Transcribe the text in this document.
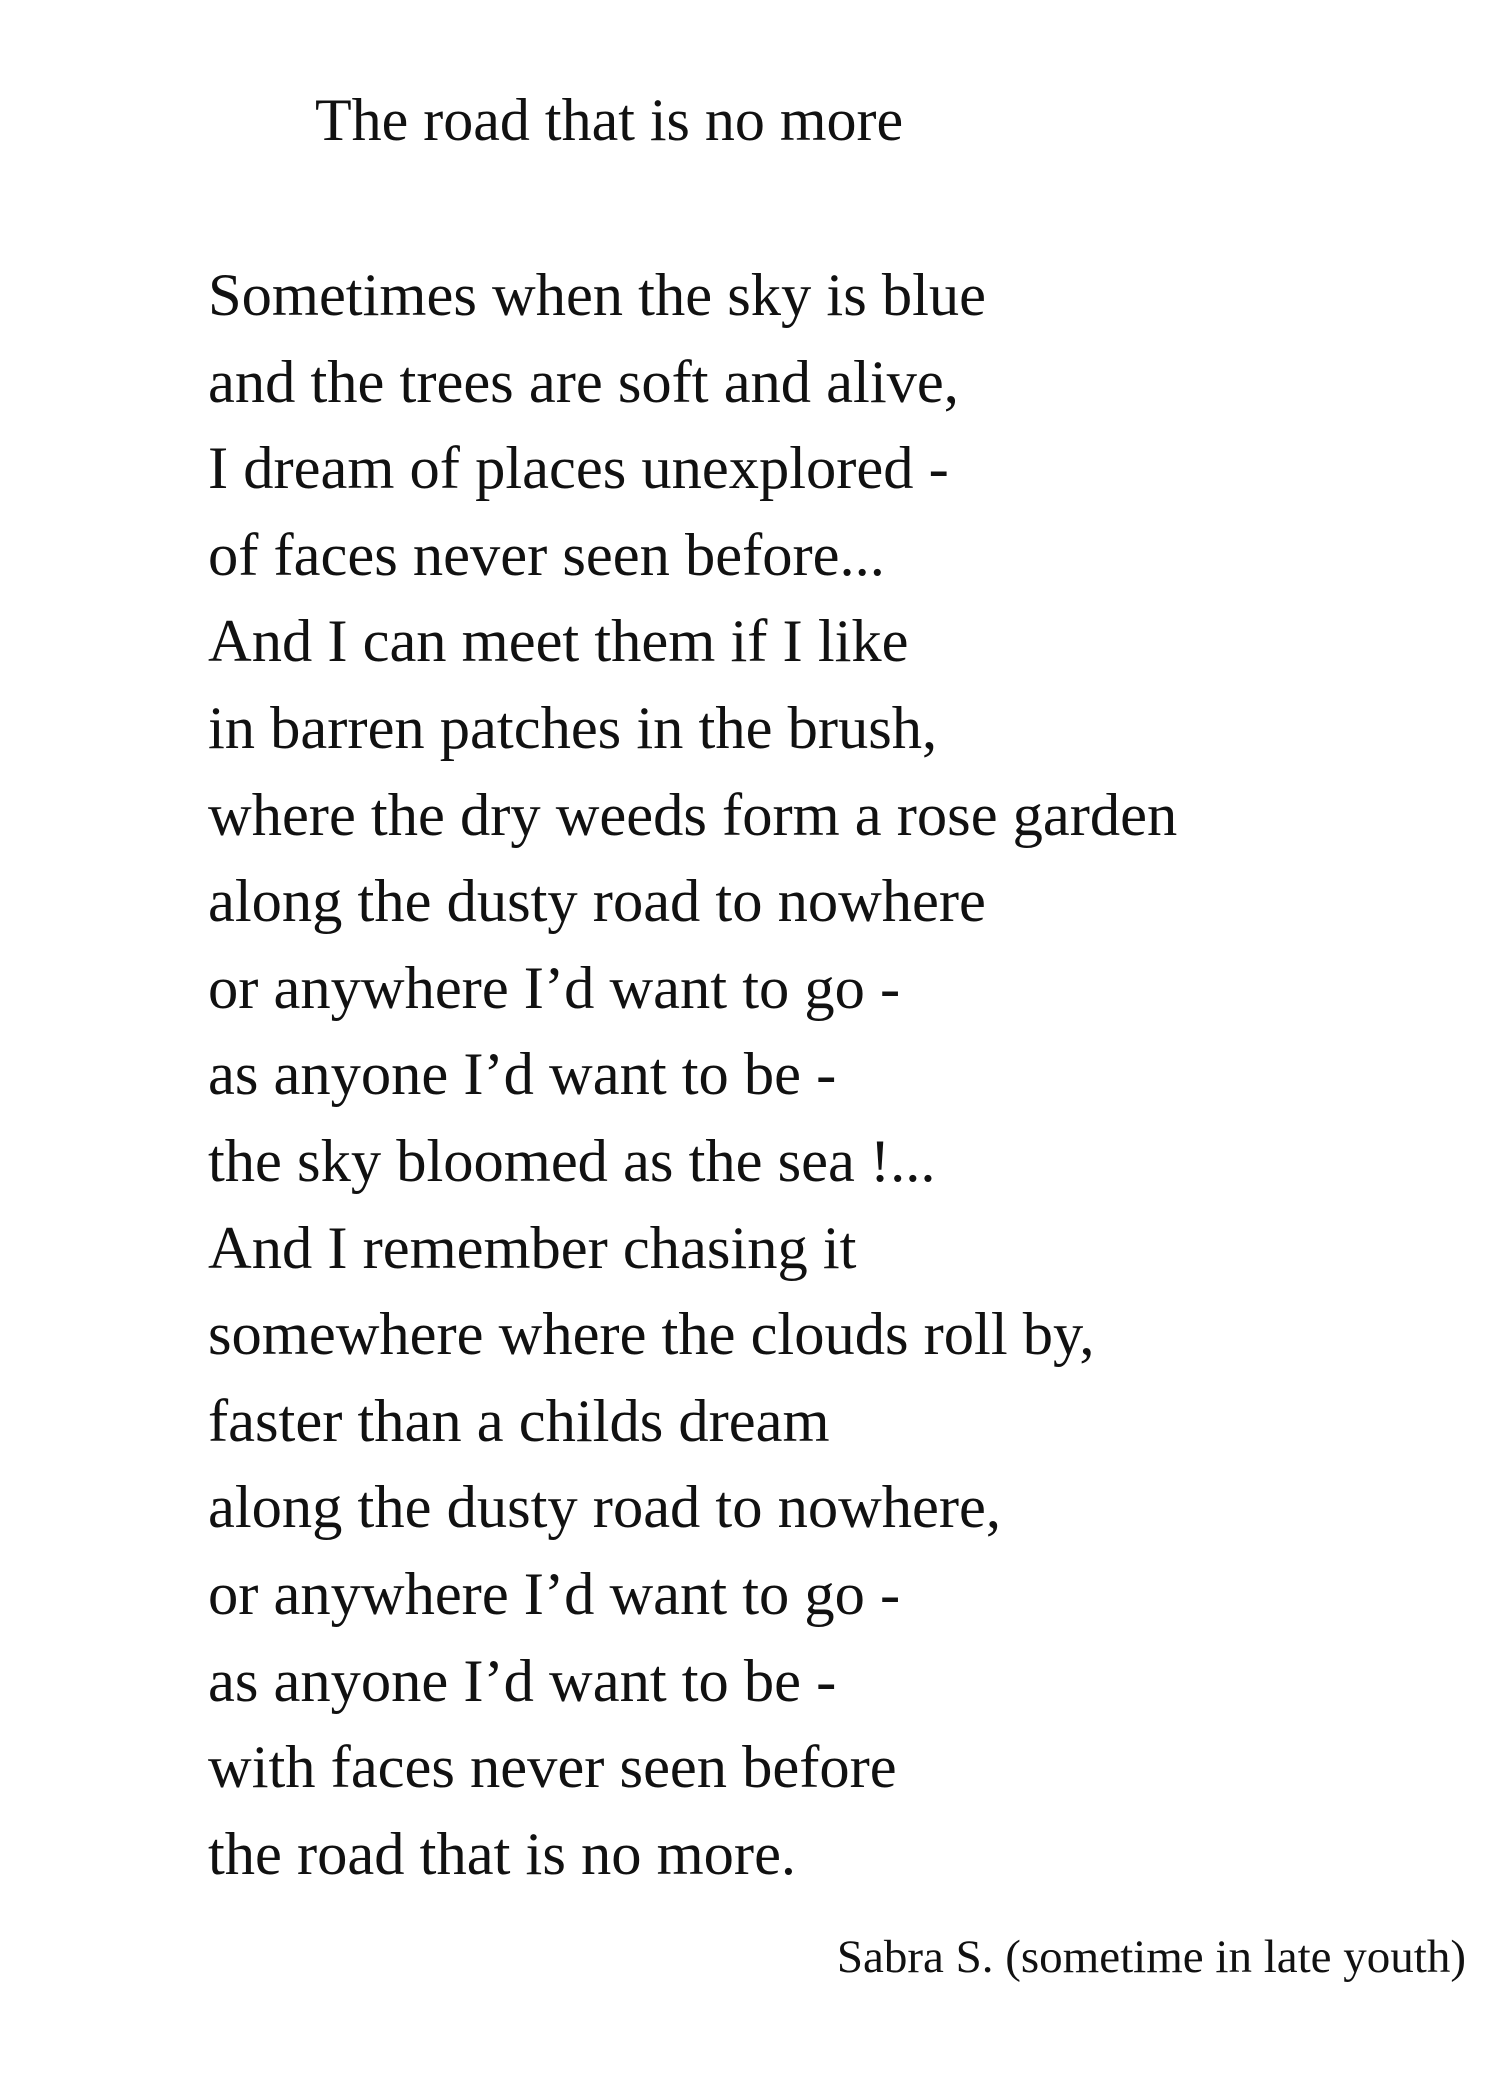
The road that is no more
Sometimes when the sky is blue
and the trees are soft and alive,
I dream of places unexplored -
of faces never seen before...
And I can meet them if I like
in barren patches in the brush,
where the dry weeds form a rose garden
along the dusty road to nowhere
or anywhere I’d want to go -
as anyone I’d want to be -
the sky bloomed as the sea !...
And I remember chasing it
somewhere where the clouds roll by,
faster than a childs dream
along the dusty road to nowhere,
or anywhere I’d want to go -
as anyone I’d want to be -
with faces never seen before
the road that is no more.

Sabra S. (sometime in late youth)
